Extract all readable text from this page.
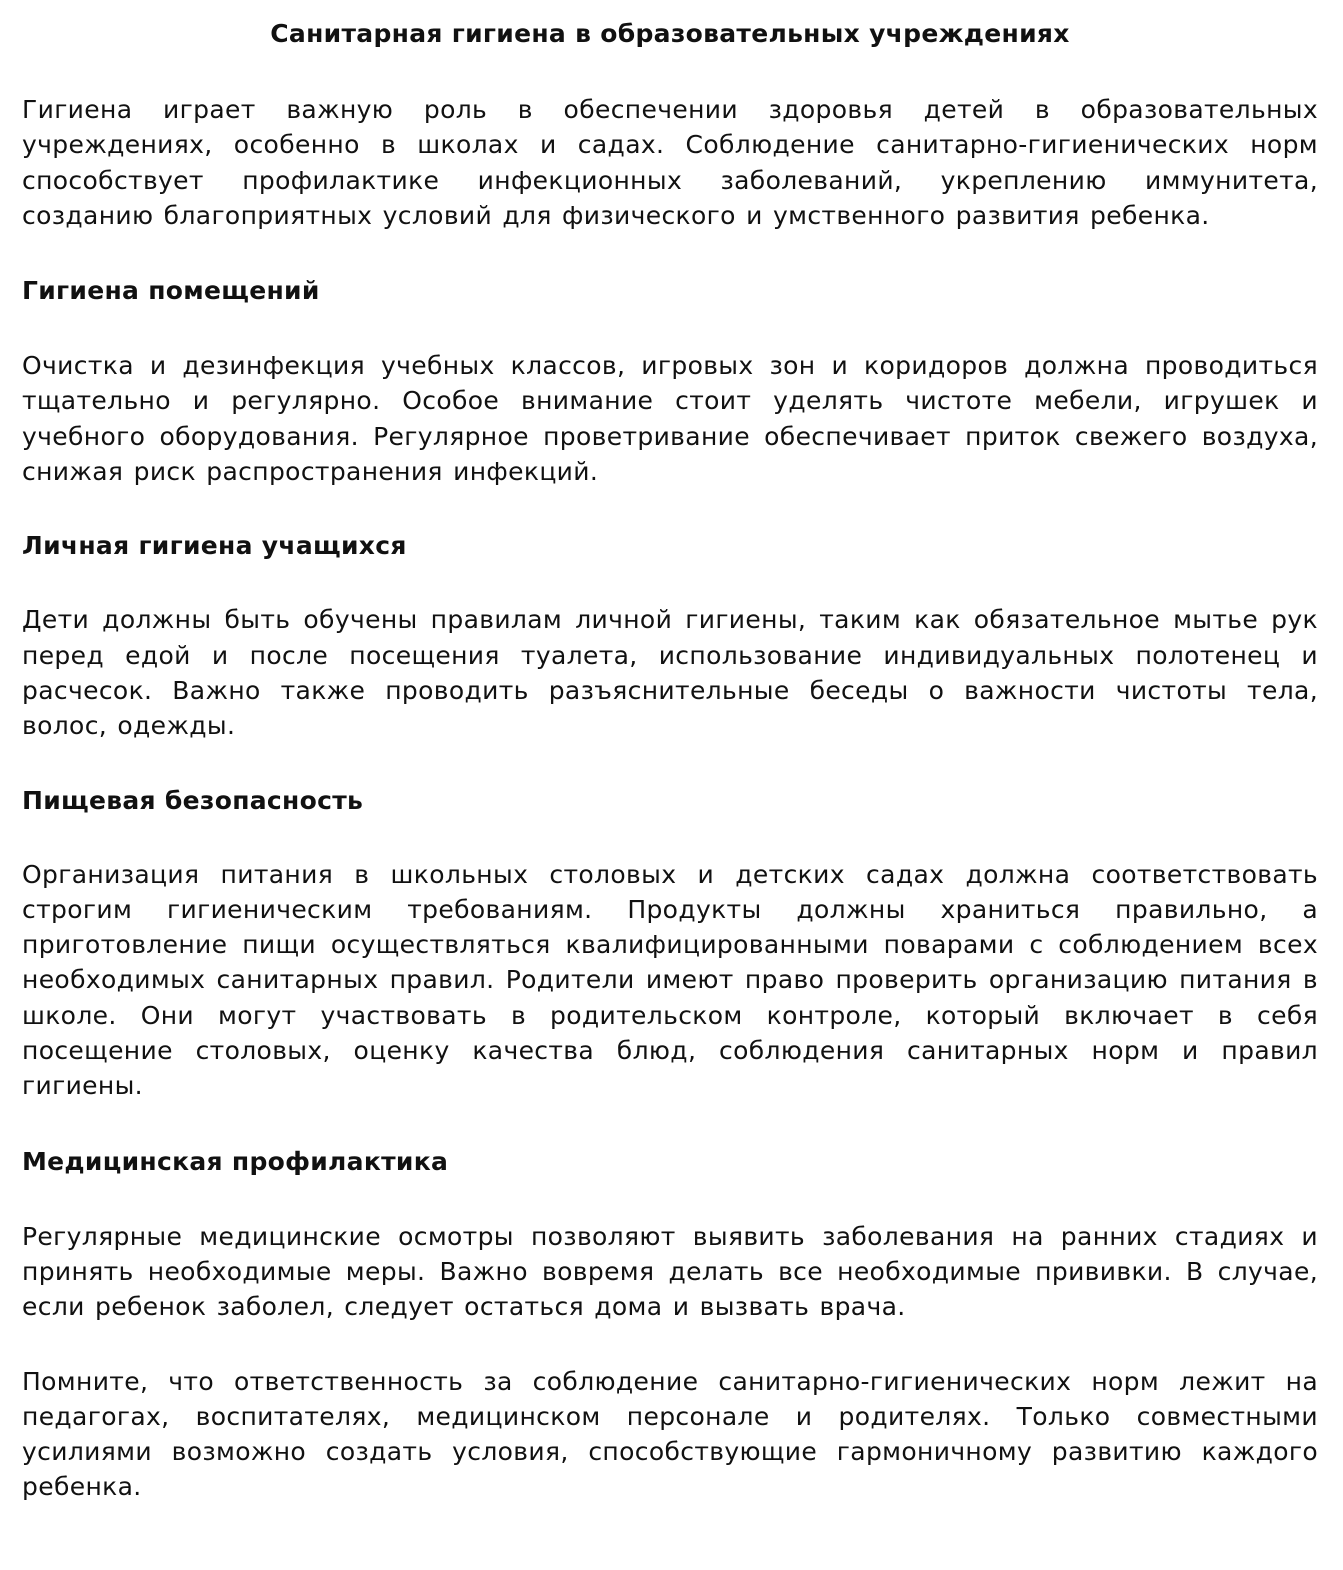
Санитарная гигиена в образовательных учреждениях

Гигиена играет важную роль в обеспечении здоровья детей в образовательных учреждениях, особенно в школах и садах. Соблюдение санитарно-гигиенических норм способствует профилактике инфекционных заболеваний, укреплению иммунитета, созданию благоприятных условий для физического и умственного развития ребенка.

Гигиена помещений

Очистка и дезинфекция учебных классов, игровых зон и коридоров должна проводиться тщательно и регулярно. Особое внимание стоит уделять чистоте мебели, игрушек и учебного оборудования. Регулярное проветривание обеспечивает приток свежего воздуха, снижая риск распространения инфекций.

Личная гигиена учащихся

Дети должны быть обучены правилам личной гигиены, таким как обязательное мытье рук перед едой и после посещения туалета, использование индивидуальных полотенец и расчесок. Важно также проводить разъяснительные беседы о важности чистоты тела, волос, одежды.

Пищевая безопасность

Организация питания в школьных столовых и детских садах должна соответствовать строгим гигиеническим требованиям. Продукты должны храниться правильно, а приготовление пищи осуществляться квалифицированными поварами с соблюдением всех необходимых санитарных правил. Родители имеют право проверить организацию питания в школе. Они могут участвовать в родительском контроле, который включает в себя посещение столовых, оценку качества блюд, соблюдения санитарных норм и правил гигиены.

Медицинская профилактика

Регулярные медицинские осмотры позволяют выявить заболевания на ранних стадиях и принять необходимые меры. Важно вовремя делать все необходимые прививки. В случае, если ребенок заболел, следует остаться дома и вызвать врача.

Помните, что ответственность за соблюдение санитарно-гигиенических норм лежит на педагогах, воспитателях, медицинском персонале и родителях. Только совместными усилиями возможно создать условия, способствующие гармоничному развитию каждого ребенка.
